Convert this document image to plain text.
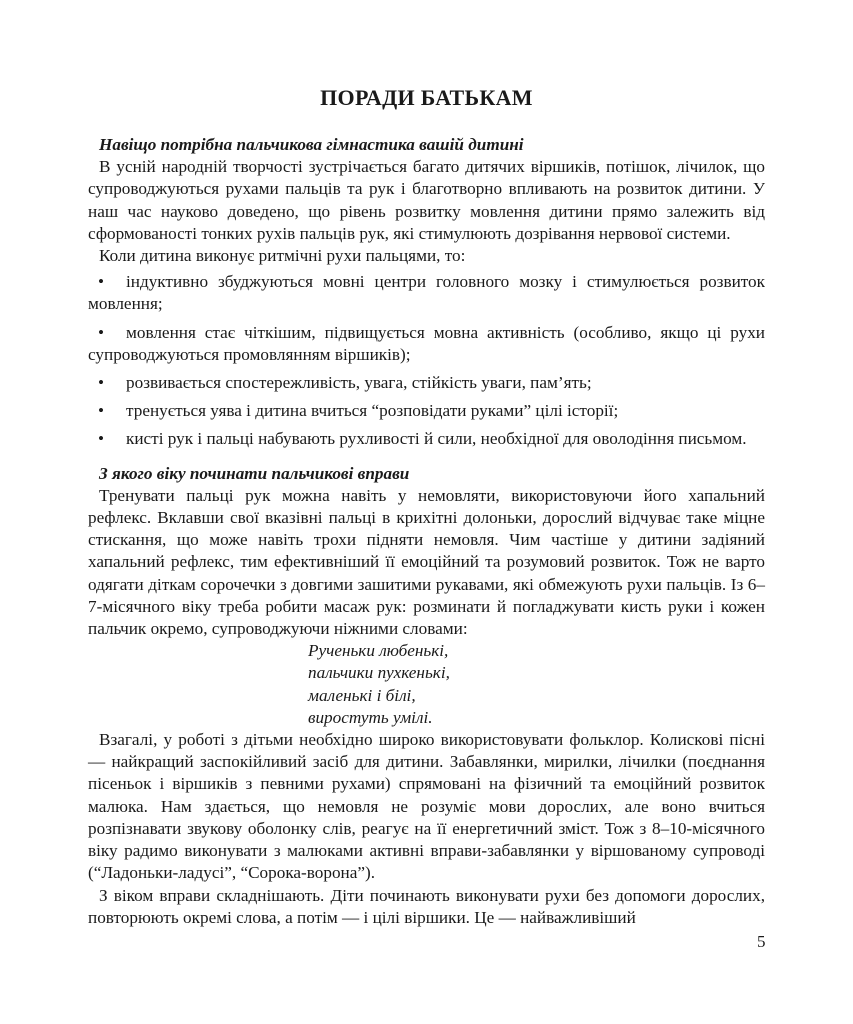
ПОРАДИ БАТЬКАМ

Навіщо потрібна пальчикова гімнастика вашій дитині

В усній народній творчості зустрічається багато дитячих віршиків, потішок, лічилок, що супроводжуються рухами пальців та рук і благотворно впливають на розвиток дитини. У наш час науково доведено, що рівень розвитку мовлення дитини прямо залежить від сформованості тонких рухів пальців рук, які стимулюють дозрівання нервової системи.

Коли дитина виконує ритмічні рухи пальцями, то:

• індуктивно збуджуються мовні центри головного мозку і стимулюється розвиток мовлення;
• мовлення стає чіткішим, підвищується мовна активність (особливо, якщо ці рухи супроводжуються промовлянням віршиків);
• розвивається спостережливість, увага, стійкість уваги, пам’ять;
• тренується уява і дитина вчиться “розповідати руками” цілі історії;
• кисті рук і пальці набувають рухливості й сили, необхідної для оволодіння письмом.

З якого віку починати пальчикові вправи

Тренувати пальці рук можна навіть у немовляти, використовуючи його хапальний рефлекс. Вклавши свої вказівні пальці в крихітні долоньки, дорослий відчуває таке міцне стискання, що може навіть трохи підняти немовля. Чим частіше у дитини задіяний хапальний рефлекс, тим ефективніший її емоційний та розумовий розвиток. Тож не варто одягати діткам сорочечки з довгими зашитими рукавами, які обмежують рухи пальців. Із 6–7-місячного віку треба робити масаж рук: розминати й погладжувати кисть руки і кожен пальчик окремо, супроводжуючи ніжними словами:

Рученьки любенькі,

пальчики пухкенькі,

маленькі і білі,

виростуть умілі.

Взагалі, у роботі з дітьми необхідно широко використовувати фольклор. Колискові пісні — найкращий заспокійливий засіб для дитини. Забавлянки, мирилки, лічилки (поєднання пісеньок і віршиків з певними рухами) спрямовані на фізичний та емоційний розвиток малюка. Нам здається, що немовля не розуміє мови дорослих, але воно вчиться розпізнавати звукову оболонку слів, реагує на її енергетичний зміст. Тож з 8–10-місячного віку радимо виконувати з малюками активні вправи-забавлянки у віршованому супроводі (“Ладоньки-ладусі”, “Сорока-ворона”).

З віком вправи складнішають. Діти починають виконувати рухи без допомоги дорослих, повторюють окремі слова, а потім — і цілі віршики. Це — найважливіший

5
